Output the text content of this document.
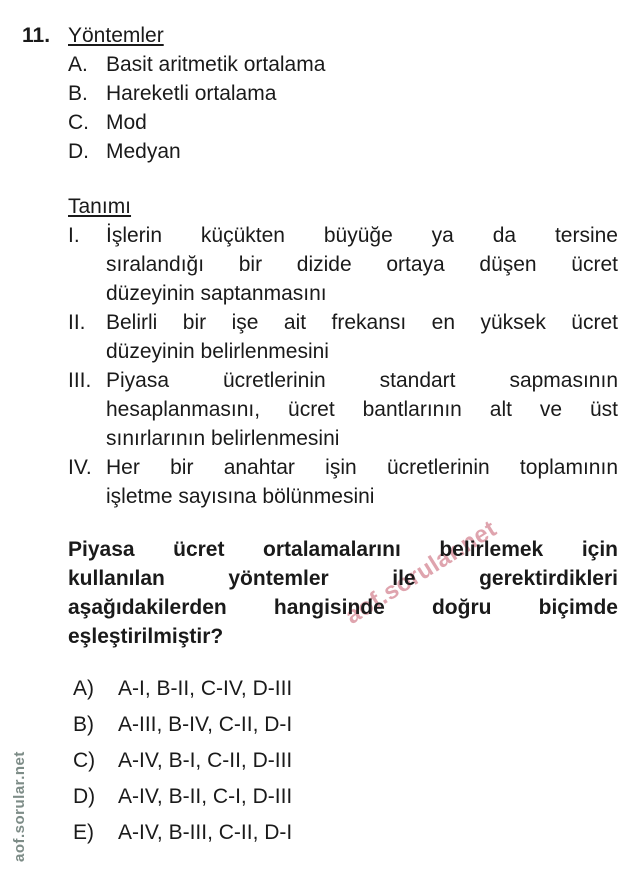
aof.sorular.net
aof.sorular.net
11. Yöntemler
A. Basit aritmetik ortalama
B. Hareketli ortalama
C. Mod
D. Medyan
Tanımı
I.	İşlerin küçükten büyüğe ya da tersine
sıralandığı bir dizide ortaya düşen ücret
düzeyinin saptanmasını
II. Belirli bir işe ait frekansı en yüksek ücret
düzeyinin belirlenmesini
III. Piyasa ücretlerinin standart sapmasının
hesaplanmasını, ücret bantlarının alt ve üst
sınırlarının belirlenmesini
IV. Her bir anahtar işin ücretlerinin toplamının
işletme sayısına bölünmesini
Piyasa ücret ortalamalarını belirlemek için
kullanılan yöntemler ile gerektirdikleri
aşağıdakilerden hangisinde doğru biçimde
eşleştirilmiştir?
A)	A-I, B-II, C-IV, D-III
B)	A-III, B-IV, C-II, D-I
C)	A-IV, B-I, C-II, D-III
D)	A-IV, B-II, C-I, D-III
E)	A-IV, B-III, C-II, D-I
